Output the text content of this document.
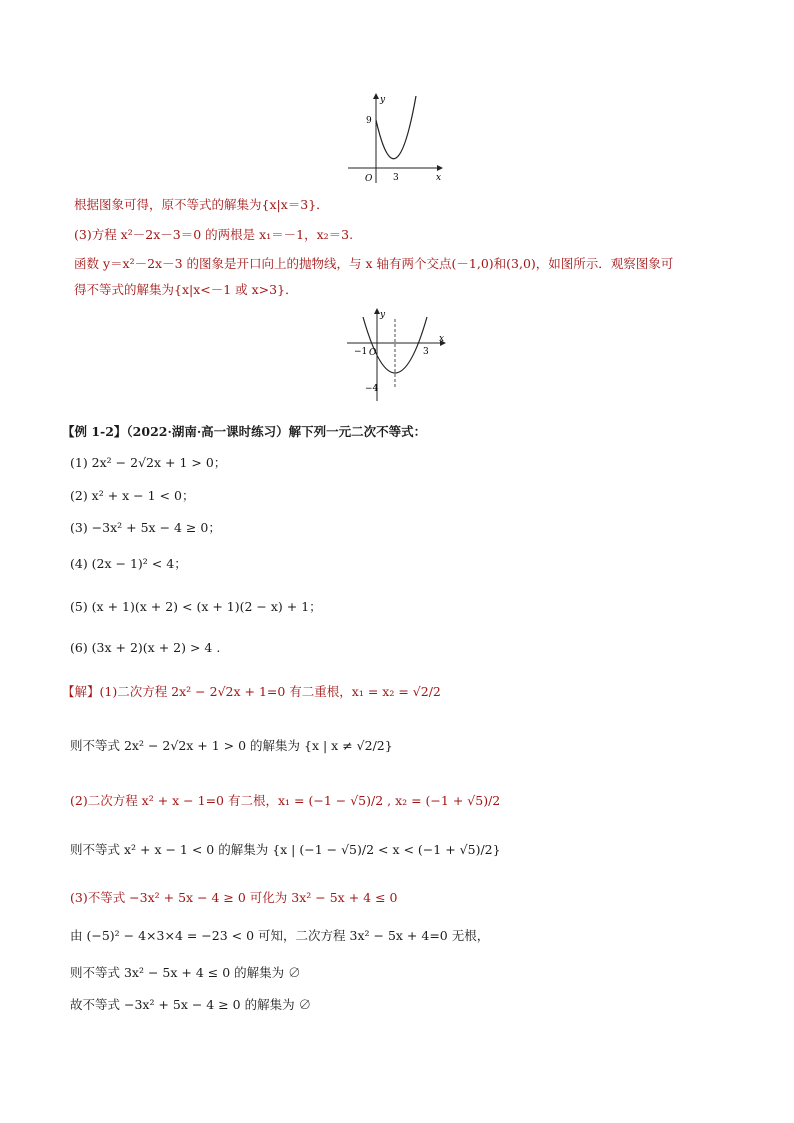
y
x
O
9
3
根据图象可得，原不等式的解集为{x|x＝3}．
(3)方程 x²－2x－3＝0 的两根是 x₁＝－1，x₂＝3.
函数 y＝x²－2x－3 的图象是开口向上的抛物线，与 x 轴有两个交点(－1,0)和(3,0)，如图所示．观察图象可
得不等式的解集为{x|x<－1 或 x>3}．
y
x
O
−1	3
−4
【例 1-2】（2022·湖南·高一课时练习）解下列一元二次不等式：
(1) 2x² − 2√2x + 1 > 0；
(2) x² + x − 1 < 0；
(3) −3x² + 5x − 4 ≥ 0；
(4) (2x − 1)² < 4；
(5) (x + 1)(x + 2) < (x + 1)(2 − x) + 1；
(6) (3x + 2)(x + 2) > 4 .
【解】(1)二次方程 2x² − 2√2x + 1=0 有二重根，x₁ = x₂ = √2/2
则不等式 2x² − 2√2x + 1 > 0 的解集为 {x | x ≠ √2/2}
(2)二次方程 x² + x − 1=0 有二根，x₁ = (−1 − √5)/2 , x₂ = (−1 + √5)/2
则不等式 x² + x − 1 < 0 的解集为 {x | (−1 − √5)/2 < x < (−1 + √5)/2}
(3)不等式 −3x² + 5x − 4 ≥ 0 可化为 3x² − 5x + 4 ≤ 0
由 (−5)² − 4×3×4 = −23 < 0 可知，二次方程 3x² − 5x + 4=0 无根，
则不等式 3x² − 5x + 4 ≤ 0 的解集为 ∅
故不等式 −3x² + 5x − 4 ≥ 0 的解集为 ∅
